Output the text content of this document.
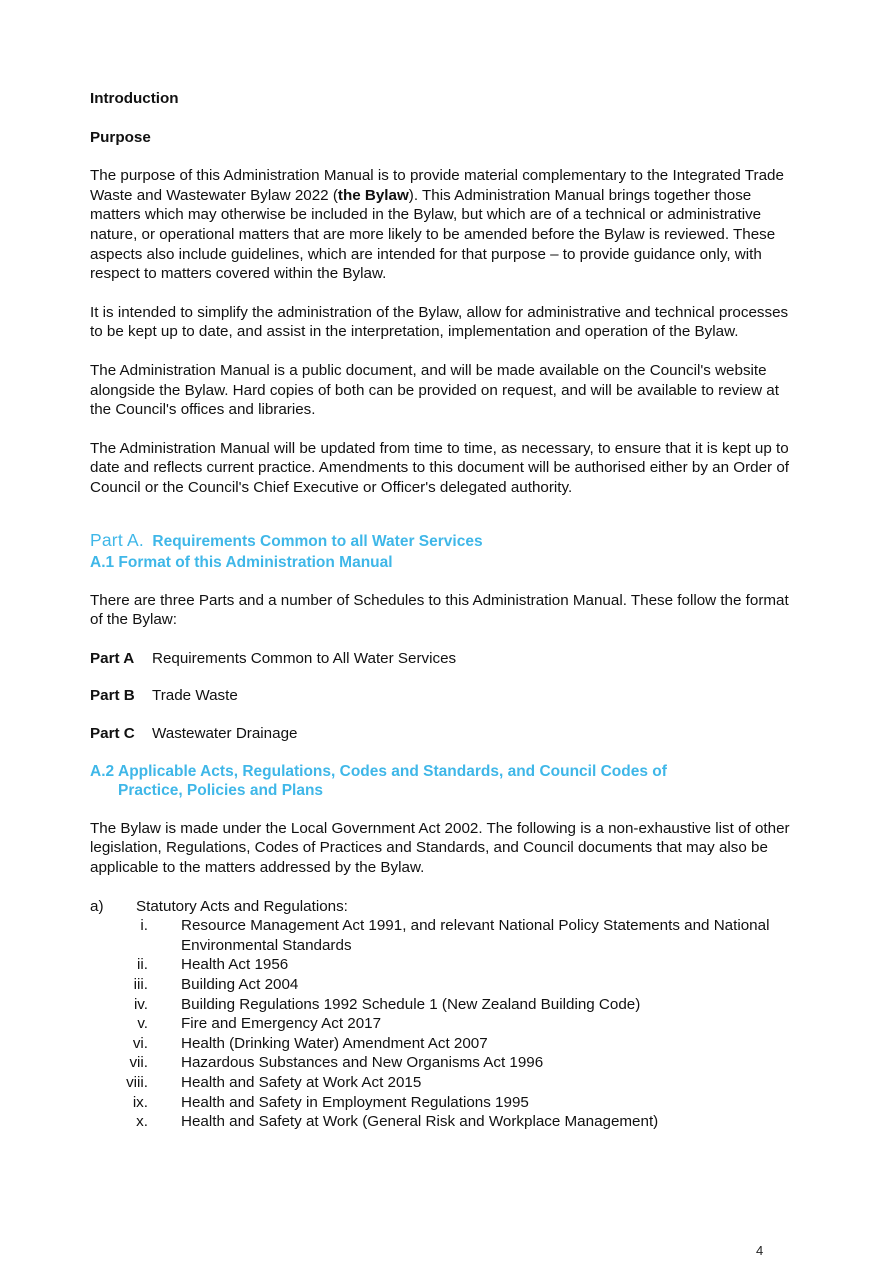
Introduction
Purpose

The purpose of this Administration Manual is to provide material complementary to the Integrated Trade Waste and Wastewater Bylaw 2022 (the Bylaw). This Administration Manual brings together those matters which may otherwise be included in the Bylaw, but which are of a technical or administrative nature, or operational matters that are more likely to be amended before the Bylaw is reviewed. These aspects also include guidelines, which are intended for that purpose – to provide guidance only, with respect to matters covered within the Bylaw.

It is intended to simplify the administration of the Bylaw, allow for administrative and technical processes to be kept up to date, and assist in the interpretation, implementation and operation of the Bylaw.

The Administration Manual is a public document, and will be made available on the Council's website alongside the Bylaw. Hard copies of both can be provided on request, and will be available to review at the Council's offices and libraries.

The Administration Manual will be updated from time to time, as necessary, to ensure that it is kept up to date and reflects current practice. Amendments to this document will be authorised either by an Order of Council or the Council's Chief Executive or Officer's delegated authority.

Part A. Requirements Common to all Water Services
A.1 Format of this Administration Manual

There are three Parts and a number of Schedules to this Administration Manual. These follow the format of the Bylaw:

Part A Requirements Common to All Water Services
Part B Trade Waste
Part C Wastewater Drainage
A.2 Applicable Acts, Regulations, Codes and Standards, and Council Codes of
Practice, Policies and Plans

The Bylaw is made under the Local Government Act 2002. The following is a non-exhaustive list of other legislation, Regulations, Codes of Practices and Standards, and Council documents that may also be applicable to the matters addressed by the Bylaw.

a)	Statutory Acts and Regulations:
i.	Resource Management Act 1991, and relevant National Policy Statements and National Environmental Standards
ii.	Health Act 1956
iii.	Building Act 2004
iv.	Building Regulations 1992 Schedule 1 (New Zealand Building Code)
v.	Fire and Emergency Act 2017
vi.	Health (Drinking Water) Amendment Act 2007
vii.	Hazardous Substances and New Organisms Act 1996
viii.	Health and Safety at Work Act 2015
ix.	Health and Safety in Employment Regulations 1995
x.	Health and Safety at Work (General Risk and Workplace Management)
4
